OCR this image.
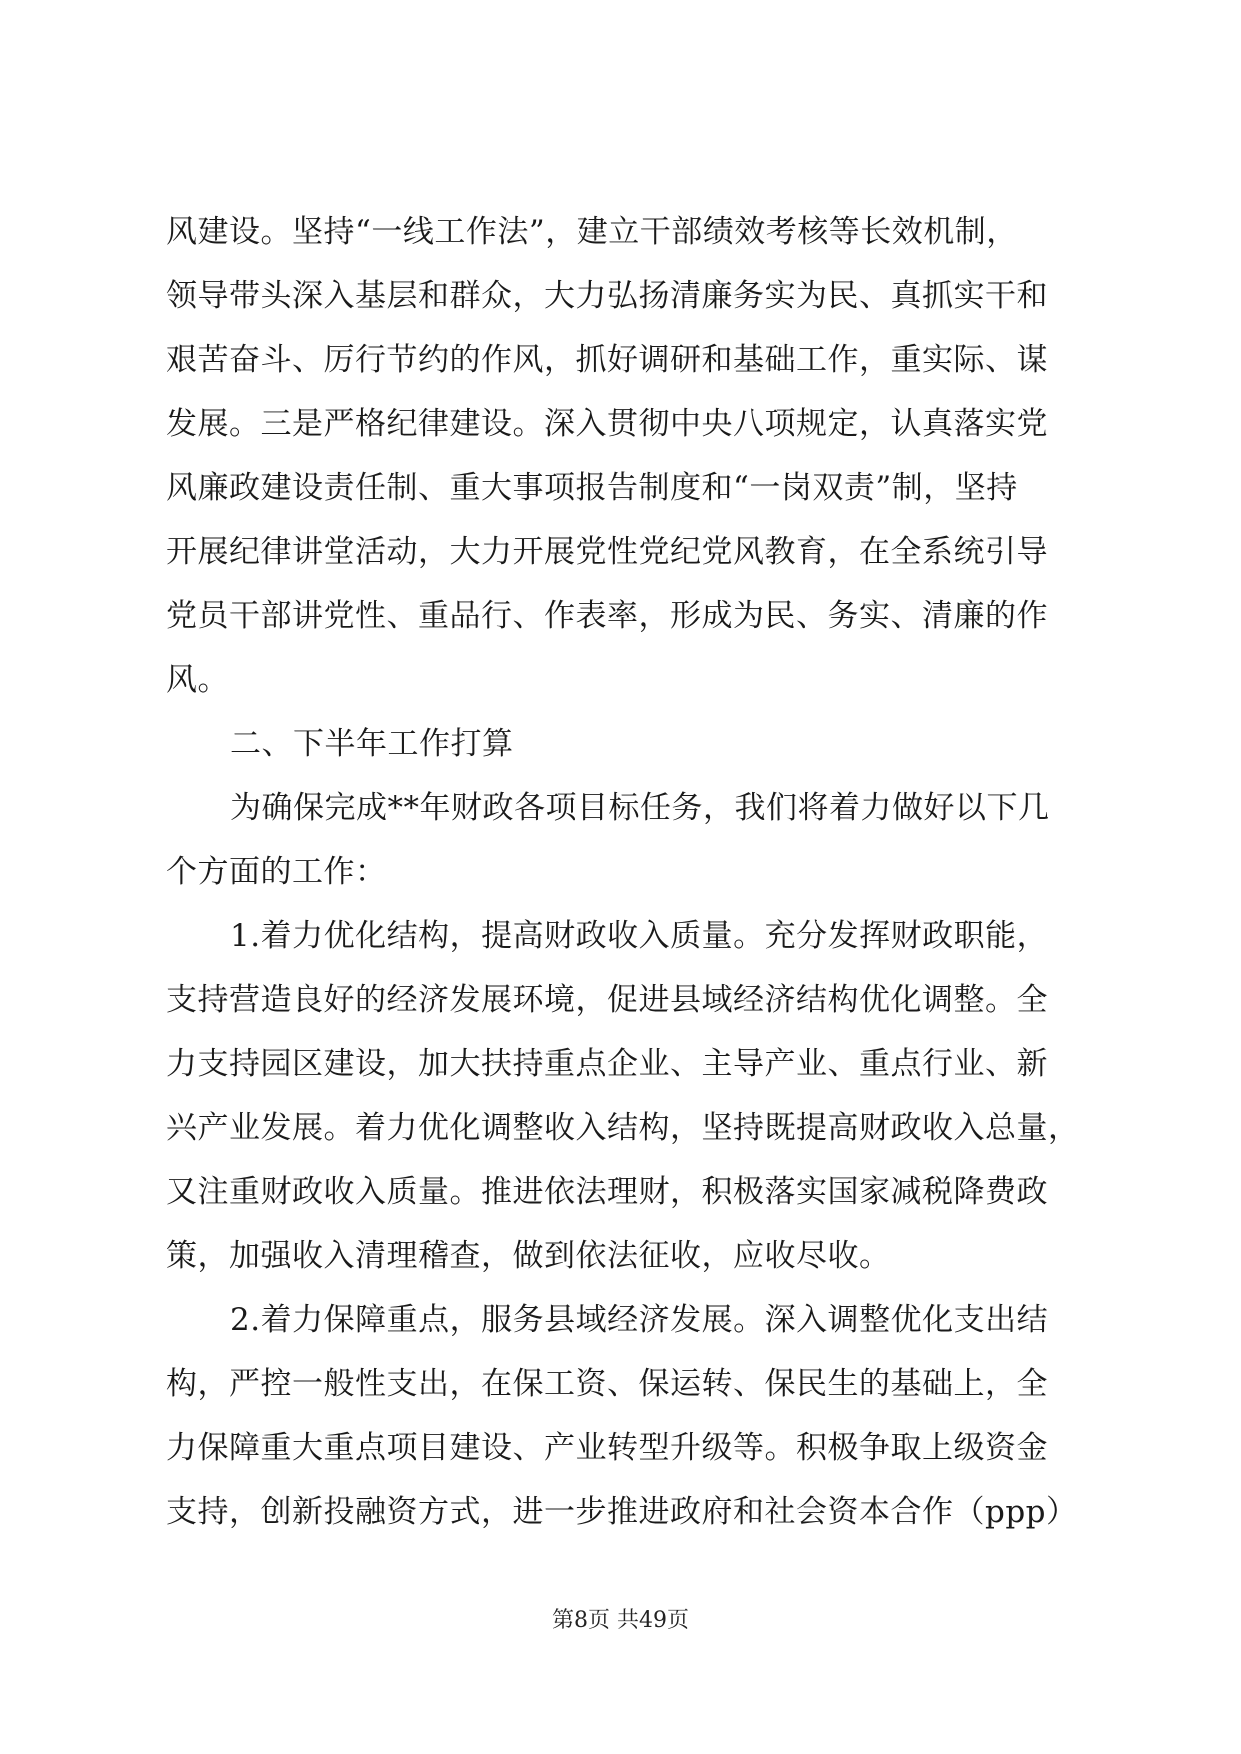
风建设。坚持“一线工作法”，建立干部绩效考核等长效机制，
领导带头深入基层和群众，大力弘扬清廉务实为民、真抓实干和
艰苦奋斗、厉行节约的作风，抓好调研和基础工作，重实际、谋
发展。三是严格纪律建设。深入贯彻中央八项规定，认真落实党
风廉政建设责任制、重大事项报告制度和“一岗双责”制，坚持
开展纪律讲堂活动，大力开展党性党纪党风教育，在全系统引导
党员干部讲党性、重品行、作表率，形成为民、务实、清廉的作
风。
二、下半年工作打算
为确保完成**年财政各项目标任务，我们将着力做好以下几
个方面的工作：
1.着力优化结构，提高财政收入质量。充分发挥财政职能，
支持营造良好的经济发展环境，促进县域经济结构优化调整。全
力支持园区建设，加大扶持重点企业、主导产业、重点行业、新
兴产业发展。着力优化调整收入结构，坚持既提高财政收入总量，
又注重财政收入质量。推进依法理财，积极落实国家减税降费政
策，加强收入清理稽查，做到依法征收，应收尽收。
2.着力保障重点，服务县域经济发展。深入调整优化支出结
构，严控一般性支出，在保工资、保运转、保民生的基础上，全
力保障重大重点项目建设、产业转型升级等。积极争取上级资金
支持，创新投融资方式，进一步推进政府和社会资本合作（ppp）
第8页 共49页
